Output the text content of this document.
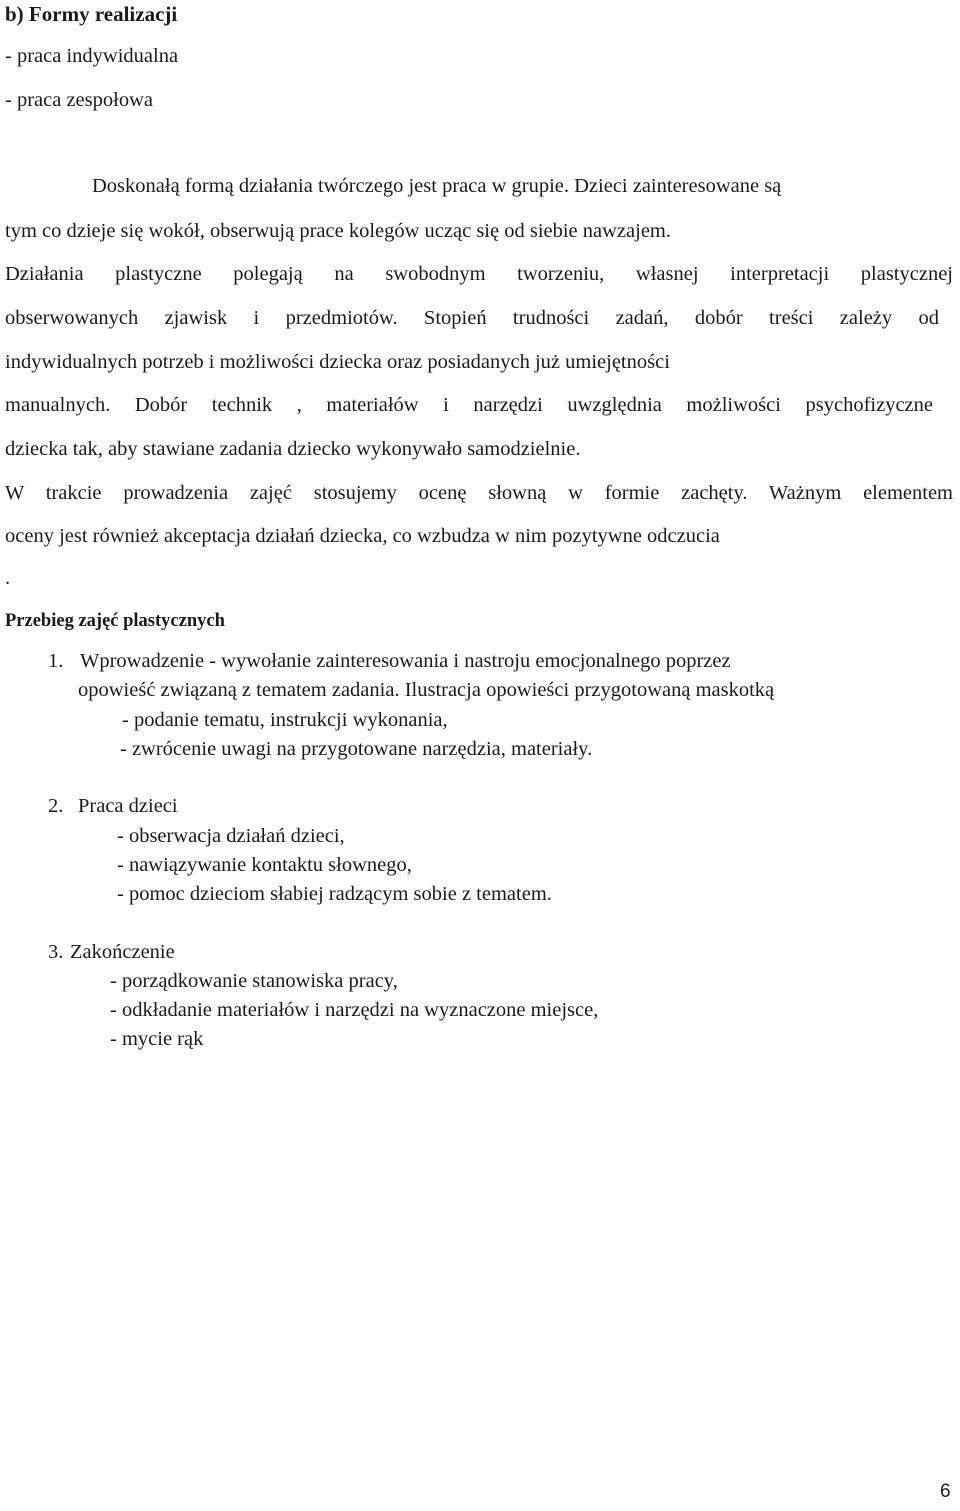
b) Formy realizacji
- praca indywidualna
- praca zespołowa
Doskonałą formą działania twórczego jest praca w grupie. Dzieci zainteresowane są
tym co dzieje się wokół, obserwują prace kolegów ucząc się od siebie nawzajem.
Działania plastyczne polegają na swobodnym tworzeniu, własnej interpretacji plastycznej
obserwowanych zjawisk i przedmiotów. Stopień trudności zadań, dobór treści zależy od
indywidualnych potrzeb i możliwości dziecka oraz posiadanych już umiejętności
manualnych. Dobór technik , materiałów i narzędzi uwzględnia możliwości psychofizyczne
dziecka tak, aby stawiane zadania dziecko wykonywało samodzielnie.
W trakcie prowadzenia zajęć stosujemy ocenę słowną w formie zachęty. Ważnym elementem
oceny jest również akceptacja działań dziecka, co wzbudza w nim pozytywne odczucia
.
Przebieg zajęć plastycznych
1. Wprowadzenie - wywołanie zainteresowania i nastroju emocjonalnego poprzez
opowieść związaną z tematem zadania. Ilustracja opowieści przygotowaną maskotką
- podanie tematu, instrukcji wykonania,
- zwrócenie uwagi na przygotowane narzędzia, materiały.
2. Praca dzieci
- obserwacja działań dzieci,
- nawiązywanie kontaktu słownego,
- pomoc dzieciom słabiej radzącym sobie z tematem.
3. Zakończenie
- porządkowanie stanowiska pracy,
- odkładanie materiałów i narzędzi na wyznaczone miejsce,
- mycie rąk
6
